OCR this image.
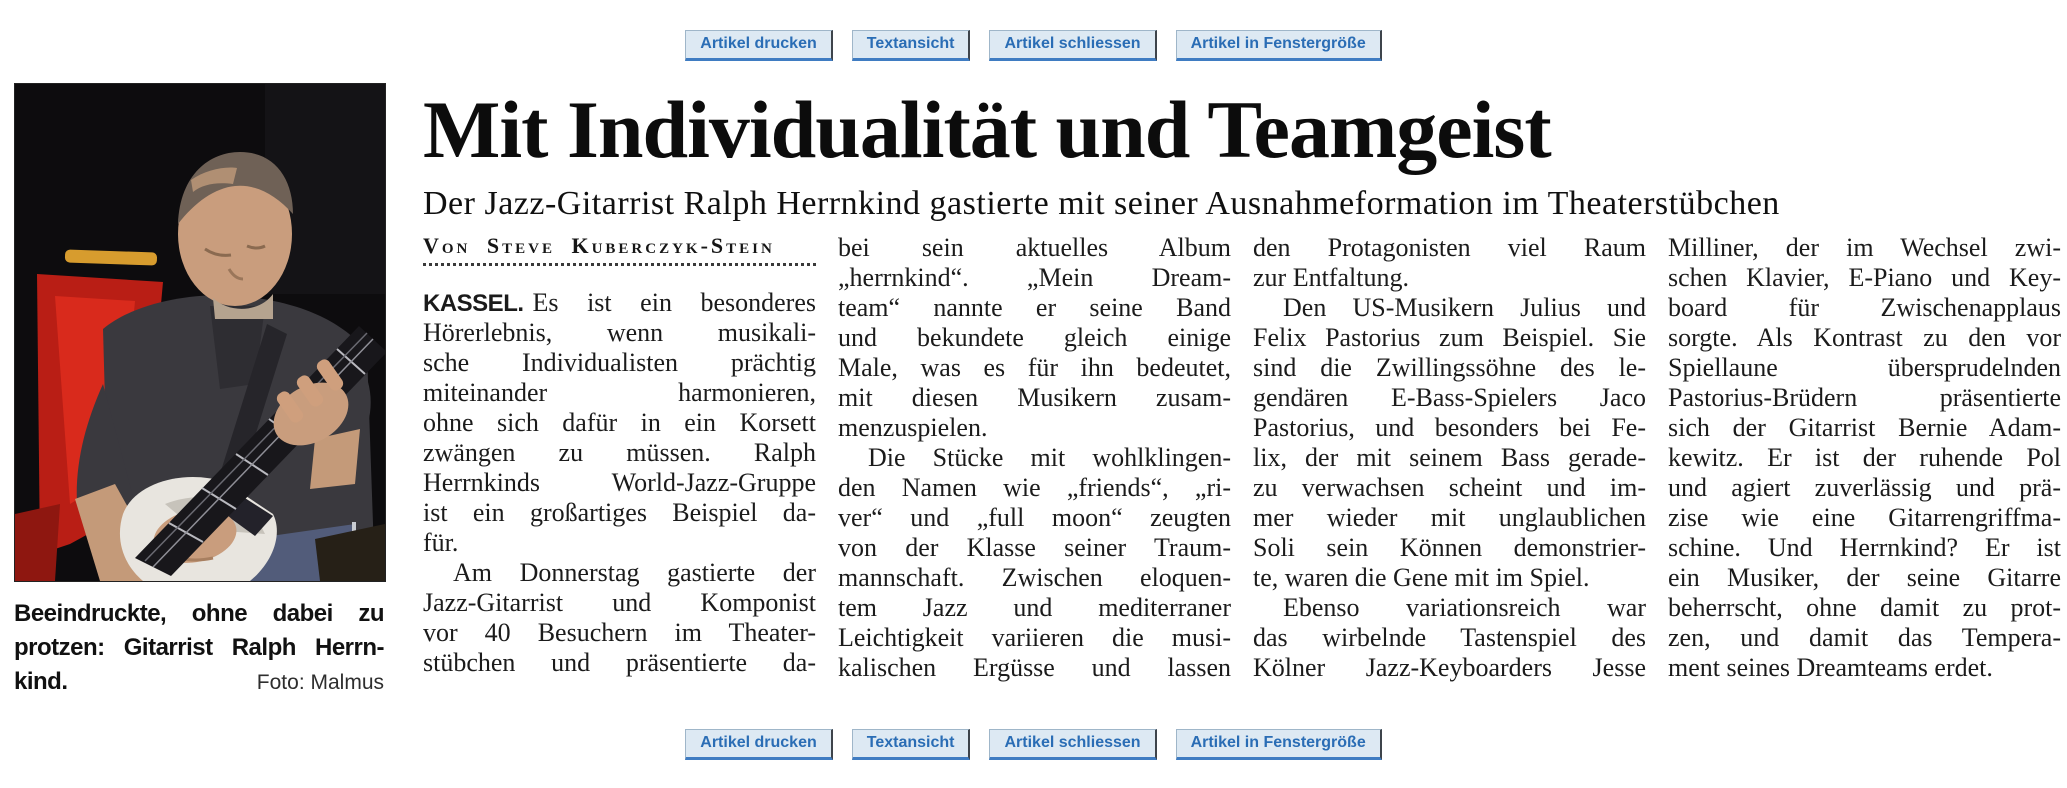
Artikel drucken	Textansicht	Artikel schliessen	Artikel in Fenstergröße
Beeindruckte, ohne dabei zu
protzen: Gitarrist Ralph Herrn-
kind.	Foto: Malmus
Mit Individualität und Teamgeist
Der Jazz-Gitarrist Ralph Herrnkind gastierte mit seiner Ausnahmeformation im Theaterstübchen
Von Steve Kuberczyk-Stein
KASSEL. Es ist ein besonderes
Hörerlebnis, wenn musikali-
sche Individualisten prächtig
miteinander harmonieren,
ohne sich dafür in ein Korsett
zwängen zu müssen. Ralph
Herrnkinds World-Jazz-Gruppe
ist ein großartiges Beispiel da-
für.
Am Donnerstag gastierte der
Jazz-Gitarrist und Komponist
vor 40 Besuchern im Theater-
stübchen und präsentierte da-
bei sein aktuelles Album
„herrnkind“. „Mein Dream-
team“ nannte er seine Band
und bekundete gleich einige
Male, was es für ihn bedeutet,
mit diesen Musikern zusam-
menzuspielen.
Die Stücke mit wohlklingen-
den Namen wie „friends“, „ri-
ver“ und „full moon“ zeugten
von der Klasse seiner Traum-
mannschaft. Zwischen eloquen-
tem Jazz und mediterraner
Leichtigkeit variieren die musi-
kalischen Ergüsse und lassen
den Protagonisten viel Raum
zur Entfaltung.
Den US-Musikern Julius und
Felix Pastorius zum Beispiel. Sie
sind die Zwillingssöhne des le-
gendären E-Bass-Spielers Jaco
Pastorius, und besonders bei Fe-
lix, der mit seinem Bass gerade-
zu verwachsen scheint und im-
mer wieder mit unglaublichen
Soli sein Können demonstrier-
te, waren die Gene mit im Spiel.
Ebenso variationsreich war
das wirbelnde Tastenspiel des
Kölner Jazz-Keyboarders Jesse
Milliner, der im Wechsel zwi-
schen Klavier, E-Piano und Key-
board für Zwischenapplaus
sorgte. Als Kontrast zu den vor
Spiellaune übersprudelnden
Pastorius-Brüdern präsentierte
sich der Gitarrist Bernie Adam-
kewitz. Er ist der ruhende Pol
und agiert zuverlässig und prä-
zise wie eine Gitarrengriffma-
schine. Und Herrnkind? Er ist
ein Musiker, der seine Gitarre
beherrscht, ohne damit zu prot-
zen, und damit das Tempera-
ment seines Dreamteams erdet.
Artikel drucken	Textansicht	Artikel schliessen	Artikel in Fenstergröße
